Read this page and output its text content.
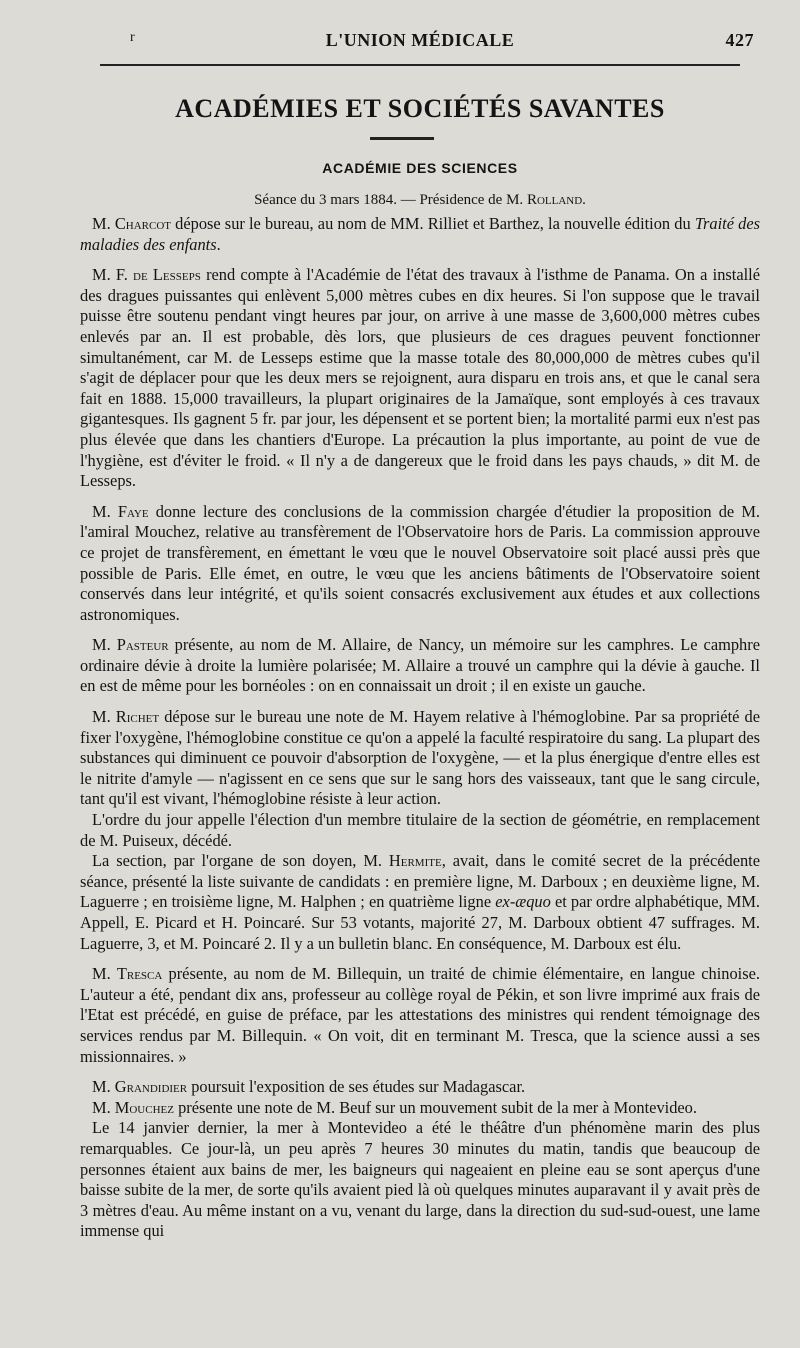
r	L'UNION MÉDICALE	427
ACADÉMIES ET SOCIÉTÉS SAVANTES
ACADÉMIE DES SCIENCES
Séance du 3 mars 1884. — Présidence de M. Rolland.

M. Charcot dépose sur le bureau, au nom de MM. Rilliet et Barthez, la nouvelle édition du Traité des maladies des enfants.

M. F. de Lesseps rend compte à l'Académie de l'état des travaux à l'isthme de Panama. On a installé des dragues puissantes qui enlèvent 5,000 mètres cubes en dix heures. Si l'on suppose que le travail puisse être soutenu pendant vingt heures par jour, on arrive à une masse de 3,600,000 mètres cubes enlevés par an. Il est probable, dès lors, que plusieurs de ces dragues peuvent fonctionner simultanément, car M. de Lesseps estime que la masse totale des 80,000,000 de mètres cubes qu'il s'agit de déplacer pour que les deux mers se rejoignent, aura disparu en trois ans, et que le canal sera fait en 1888. 15,000 travailleurs, la plupart originaires de la Jamaïque, sont employés à ces travaux gigantesques. Ils gagnent 5 fr. par jour, les dépensent et se portent bien; la mortalité parmi eux n'est pas plus élevée que dans les chantiers d'Europe. La précaution la plus importante, au point de vue de l'hygiène, est d'éviter le froid. « Il n'y a de dangereux que le froid dans les pays chauds, » dit M. de Lesseps.

M. Faye donne lecture des conclusions de la commission chargée d'étudier la proposition de M. l'amiral Mouchez, relative au transfèrement de l'Observatoire hors de Paris. La commission approuve ce projet de transfèrement, en émettant le vœu que le nouvel Observatoire soit placé aussi près que possible de Paris. Elle émet, en outre, le vœu que les anciens bâtiments de l'Observatoire soient conservés dans leur intégrité, et qu'ils soient consacrés exclusivement aux études et aux collections astronomiques.

M. Pasteur présente, au nom de M. Allaire, de Nancy, un mémoire sur les camphres. Le camphre ordinaire dévie à droite la lumière polarisée; M. Allaire a trouvé un camphre qui la dévie à gauche. Il en est de même pour les bornéoles : on en connaissait un droit ; il en existe un gauche.

M. Richet dépose sur le bureau une note de M. Hayem relative à l'hémoglobine. Par sa propriété de fixer l'oxygène, l'hémoglobine constitue ce qu'on a appelé la faculté respiratoire du sang. La plupart des substances qui diminuent ce pouvoir d'absorption de l'oxygène, — et la plus énergique d'entre elles est le nitrite d'amyle — n'agissent en ce sens que sur le sang hors des vaisseaux, tant que le sang circule, tant qu'il est vivant, l'hémoglobine résiste à leur action.

L'ordre du jour appelle l'élection d'un membre titulaire de la section de géométrie, en remplacement de M. Puiseux, décédé.

La section, par l'organe de son doyen, M. Hermite, avait, dans le comité secret de la précédente séance, présenté la liste suivante de candidats : en première ligne, M. Darboux ; en deuxième ligne, M. Laguerre ; en troisième ligne, M. Halphen ; en quatrième ligne ex-æquo et par ordre alphabétique, MM. Appell, E. Picard et H. Poincaré. Sur 53 votants, majorité 27, M. Darboux obtient 47 suffrages. M. Laguerre, 3, et M. Poincaré 2. Il y a un bulletin blanc. En conséquence, M. Darboux est élu.

M. Tresca présente, au nom de M. Billequin, un traité de chimie élémentaire, en langue chinoise. L'auteur a été, pendant dix ans, professeur au collège royal de Pékin, et son livre imprimé aux frais de l'Etat est précédé, en guise de préface, par les attestations des ministres qui rendent témoignage des services rendus par M. Billequin. « On voit, dit en terminant M. Tresca, que la science aussi a ses missionnaires. »

M. Grandidier poursuit l'exposition de ses études sur Madagascar.

M. Mouchez présente une note de M. Beuf sur un mouvement subit de la mer à Montevideo.

Le 14 janvier dernier, la mer à Montevideo a été le théâtre d'un phénomène marin des plus remarquables. Ce jour-là, un peu après 7 heures 30 minutes du matin, tandis que beaucoup de personnes étaient aux bains de mer, les baigneurs qui nageaient en pleine eau se sont aperçus d'une baisse subite de la mer, de sorte qu'ils avaient pied là où quelques minutes auparavant il y avait près de 3 mètres d'eau. Au même instant on a vu, venant du large, dans la direction du sud-sud-ouest, une lame immense qui
